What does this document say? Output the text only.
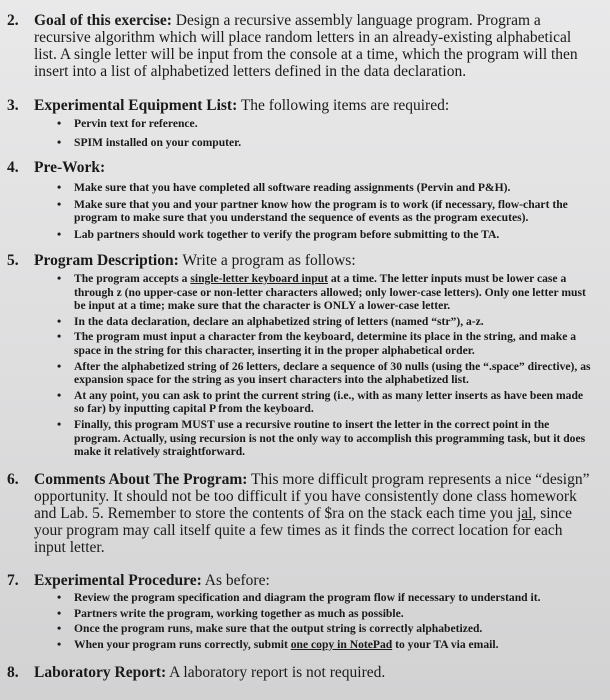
2. Goal of this exercise: Design a recursive assembly language program. Program a recursive algorithm which will place random letters in an already-existing alphabetical list. A single letter will be input from the console at a time, which the program will then insert into a list of alphabetized letters defined in the data declaration.
3. Experimental Equipment List: The following items are required:
• Pervin text for reference.
• SPIM installed on your computer.
4. Pre-Work:
• Make sure that you have completed all software reading assignments (Pervin and P&H).
• Make sure that you and your partner know how the program is to work (if necessary, flow-chart the program to make sure that you understand the sequence of events as the program executes).
• Lab partners should work together to verify the program before submitting to the TA.
5. Program Description: Write a program as follows:
• The program accepts a single-letter keyboard input at a time. The letter inputs must be lower case a through z (no upper-case or non-letter characters allowed; only lower-case letters). Only one letter must be input at a time; make sure that the character is ONLY a lower-case letter.
• In the data declaration, declare an alphabetized string of letters (named “str”), a-z.
• The program must input a character from the keyboard, determine its place in the string, and make a space in the string for this character, inserting it in the proper alphabetical order.
• After the alphabetized string of 26 letters, declare a sequence of 30 nulls (using the “.space” directive), as expansion space for the string as you insert characters into the alphabetized list.
• At any point, you can ask to print the current string (i.e., with as many letter inserts as have been made so far) by inputting capital P from the keyboard.
• Finally, this program MUST use a recursive routine to insert the letter in the correct point in the program. Actually, using recursion is not the only way to accomplish this programming task, but it does make it relatively straightforward.
6. Comments About The Program: This more difficult program represents a nice “design” opportunity. It should not be too difficult if you have consistently done class homework and Lab. 5. Remember to store the contents of $ra on the stack each time you jal, since your program may call itself quite a few times as it finds the correct location for each input letter.
7. Experimental Procedure: As before:
• Review the program specification and diagram the program flow if necessary to understand it.
• Partners write the program, working together as much as possible.
• Once the program runs, make sure that the output string is correctly alphabetized.
• When your program runs correctly, submit one copy in NotePad to your TA via email.
8. Laboratory Report: A laboratory report is not required.
